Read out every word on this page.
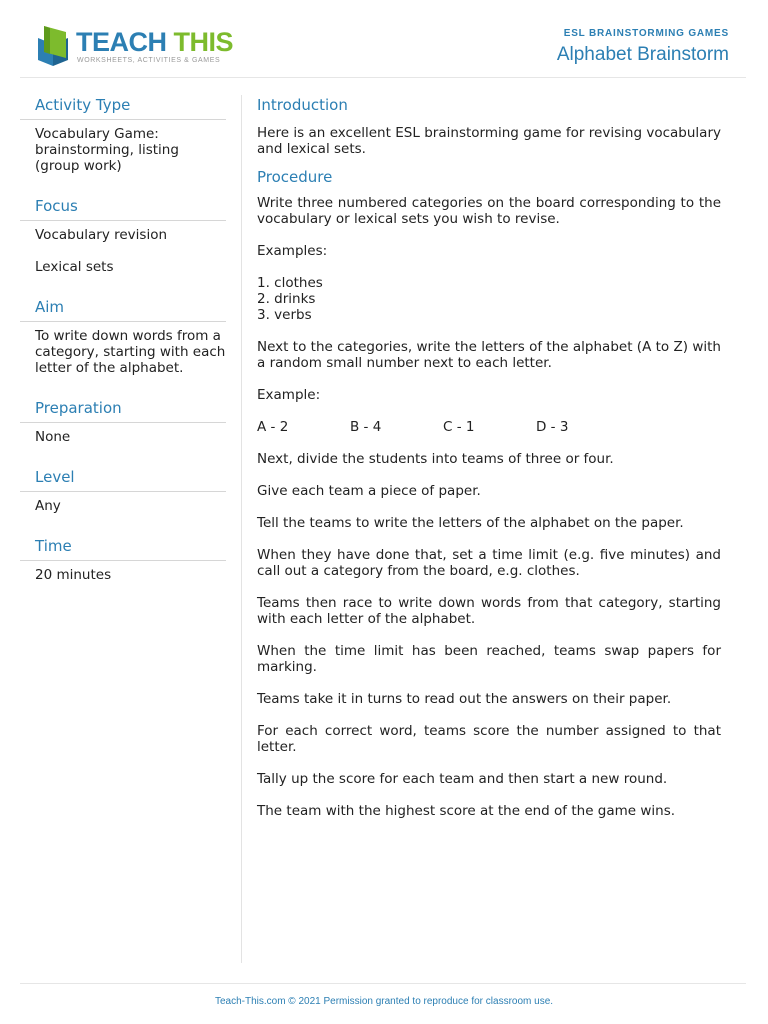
TEACH THIS
WORKSHEETS, ACTIVITIES & GAMES
ESL BRAINSTORMING GAMES
Alphabet Brainstorm
Activity Type

Vocabulary Game: brainstorming, listing (group work)

Focus

Vocabulary revision

Lexical sets

Aim

To write down words from a category, starting with each letter of the alphabet.

Preparation

None

Level

Any

Time

20 minutes

Introduction

Here is an excellent ESL brainstorming game for revising vocabulary and lexical sets.

Procedure

Write three numbered categories on the board corresponding to the vocabulary or lexical sets you wish to revise.

Examples:

1. clothes
2. drinks
3. verbs

Next to the categories, write the letters of the alphabet (A to Z) with a random small number next to each letter.

Example:

A - 2	B - 4	C - 1	D - 3

Next, divide the students into teams of three or four.

Give each team a piece of paper.

Tell the teams to write the letters of the alphabet on the paper.

When they have done that, set a time limit (e.g. five minutes) and call out a category from the board, e.g. clothes.

Teams then race to write down words from that category, starting with each letter of the alphabet.

When the time limit has been reached, teams swap papers for marking.

Teams take it in turns to read out the answers on their paper.

For each correct word, teams score the number assigned to that letter.

Tally up the score for each team and then start a new round.

The team with the highest score at the end of the game wins.

Teach-This.com © 2021 Permission granted to reproduce for classroom use.
